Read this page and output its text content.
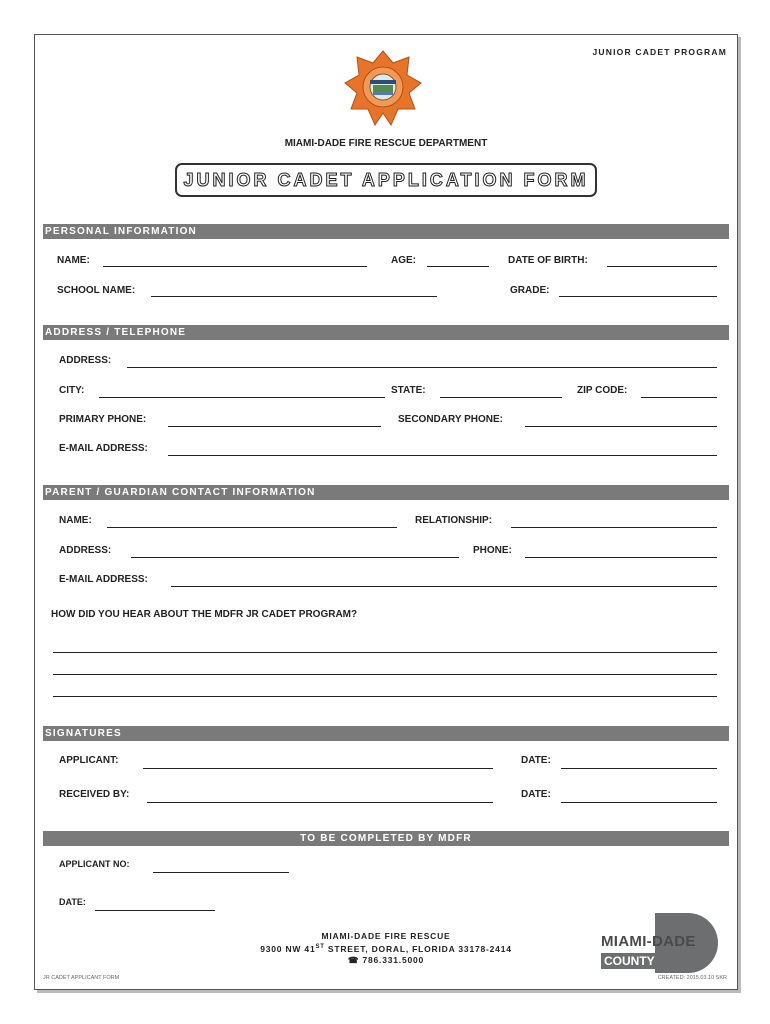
JUNIOR CADET PROGRAM
MIAMI-DADE FIRE RESCUE DEPARTMENT
JUNIOR CADET APPLICATION FORM
PERSONAL INFORMATION
NAME:	AGE:	DATE OF BIRTH:
SCHOOL NAME:	GRADE:
ADDRESS / TELEPHONE
ADDRESS:
CITY:	STATE:	ZIP CODE:
PRIMARY PHONE:	SECONDARY PHONE:
E-MAIL ADDRESS:
PARENT / GUARDIAN CONTACT INFORMATION
NAME:	RELATIONSHIP:
ADDRESS:	PHONE:
E-MAIL ADDRESS:
HOW DID YOU HEAR ABOUT THE MDFR JR CADET PROGRAM?
SIGNATURES
APPLICANT:	DATE:
RECEIVED BY:	DATE:
TO BE COMPLETED BY MDFR
APPLICANT NO:
DATE:
MIAMI-DADE FIRE RESCUE
9300 NW 41ST STREET, DORAL, FLORIDA 33178-2414
☎ 786.331.5000
JR CADET APPLICANT FORM	CREATED: 2015.03.10 SKR
MIAMI-DADE
COUNTY
